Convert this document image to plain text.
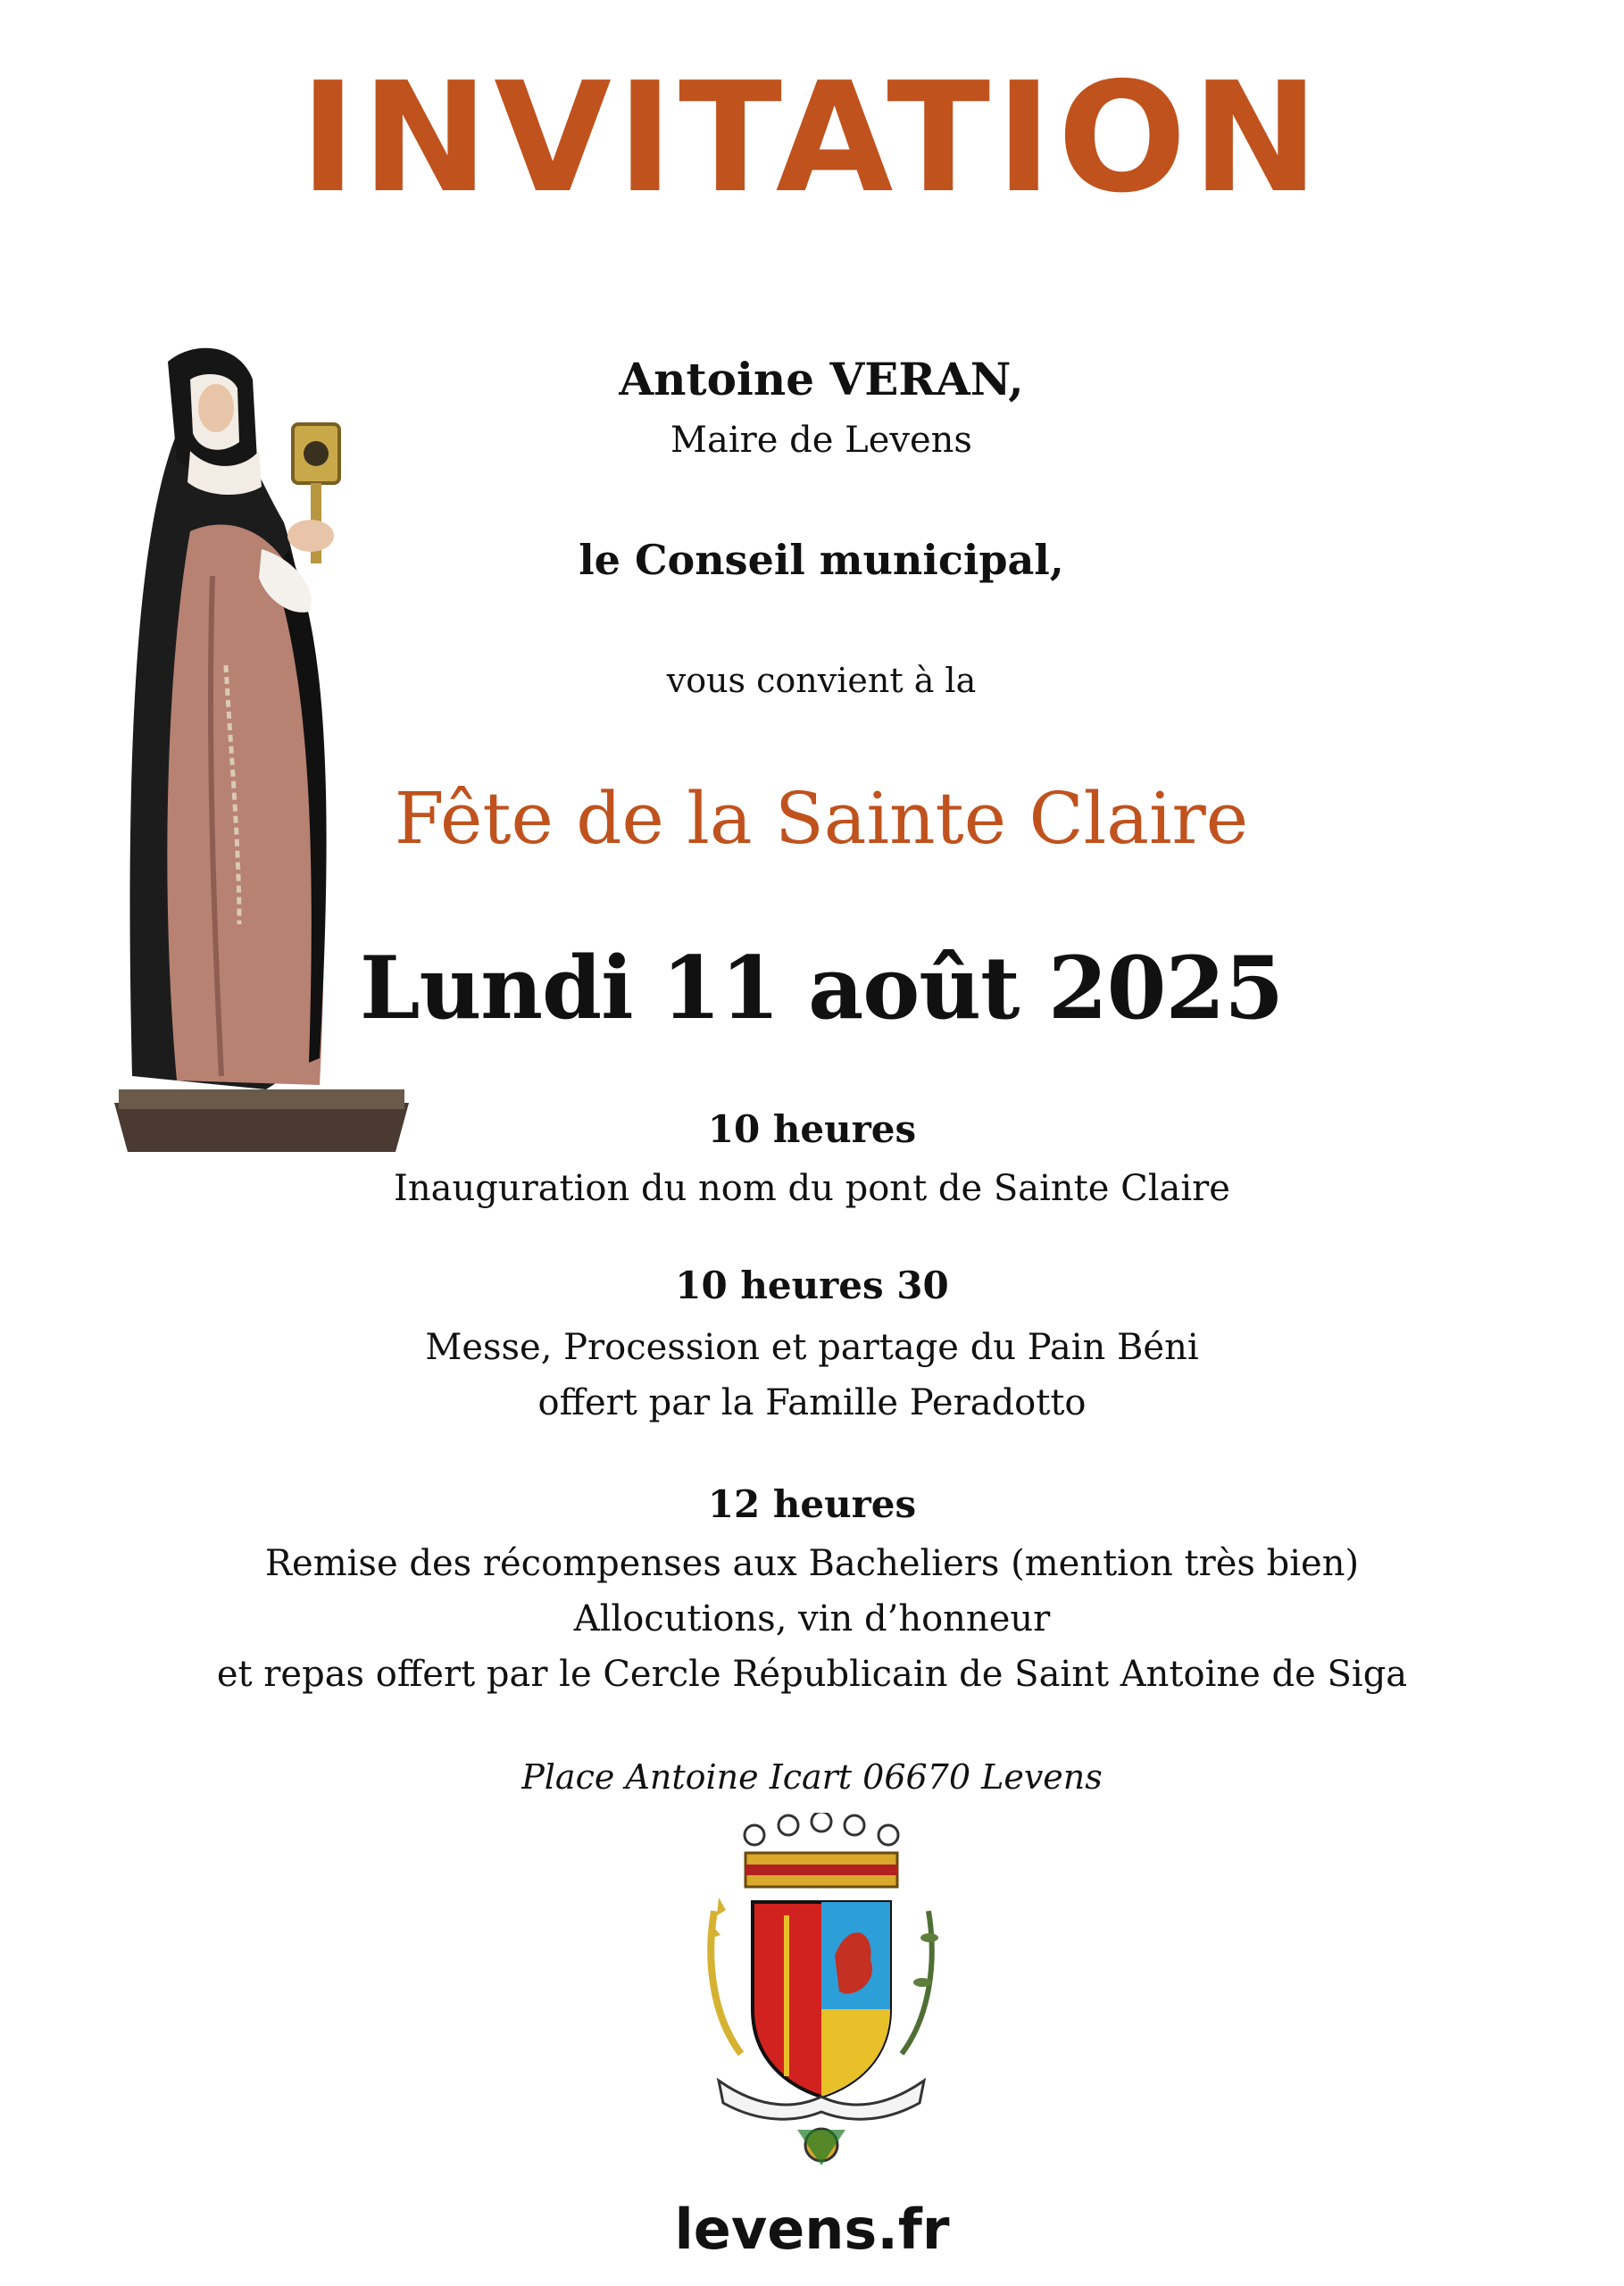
INVITATION
Antoine VERAN,
Maire de Levens
le Conseil municipal,
vous convient à la
Fête de la Sainte Claire
Lundi 11 août 2025
10 heures
Inauguration du nom du pont de Sainte Claire
10 heures 30
Messe, Procession et partage du Pain Béni
offert par la Famille Peradotto
12 heures
Remise des récompenses aux Bacheliers (mention très bien)
Allocutions, vin d’honneur
et repas offert par le Cercle Républicain de Saint Antoine de Siga
Place Antoine Icart 06670 Levens
levens.fr
